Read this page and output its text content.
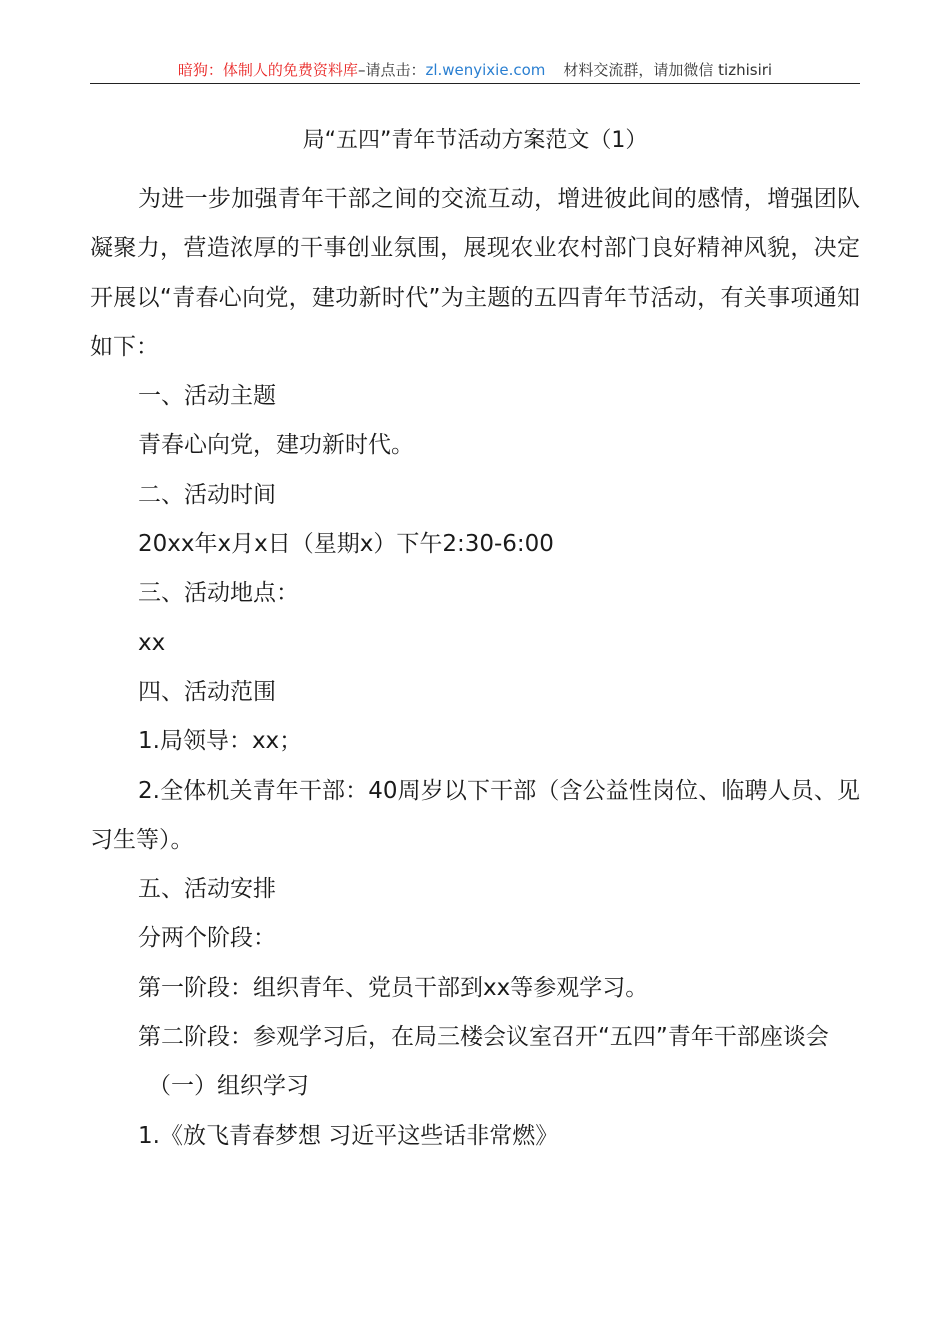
暗狗：体制人的免费资料库–请点击：zl.wenyixie.com 材料交流群，请加微信 tizhisiri
局“五四”青年节活动方案范文（1）

为进一步加强青年干部之间的交流互动，增进彼此间的感情，增强团队凝聚力，营造浓厚的干事创业氛围，展现农业农村部门良好精神风貌，决定开展以“青春心向党，建功新时代”为主题的五四青年节活动，有关事项通知如下：

一、活动主题

青春心向党，建功新时代。

二、活动时间

20xx年x月x日（星期x）下午2:30-6:00

三、活动地点：

xx

四、活动范围

1.局领导：xx；

2.全体机关青年干部：40周岁以下干部（含公益性岗位、临聘人员、见习生等）。

五、活动安排

分两个阶段：

第一阶段：组织青年、党员干部到xx等参观学习。

第二阶段：参观学习后，在局三楼会议室召开“五四”青年干部座谈会

（一）组织学习

1.《放飞青春梦想 习近平这些话非常燃》
